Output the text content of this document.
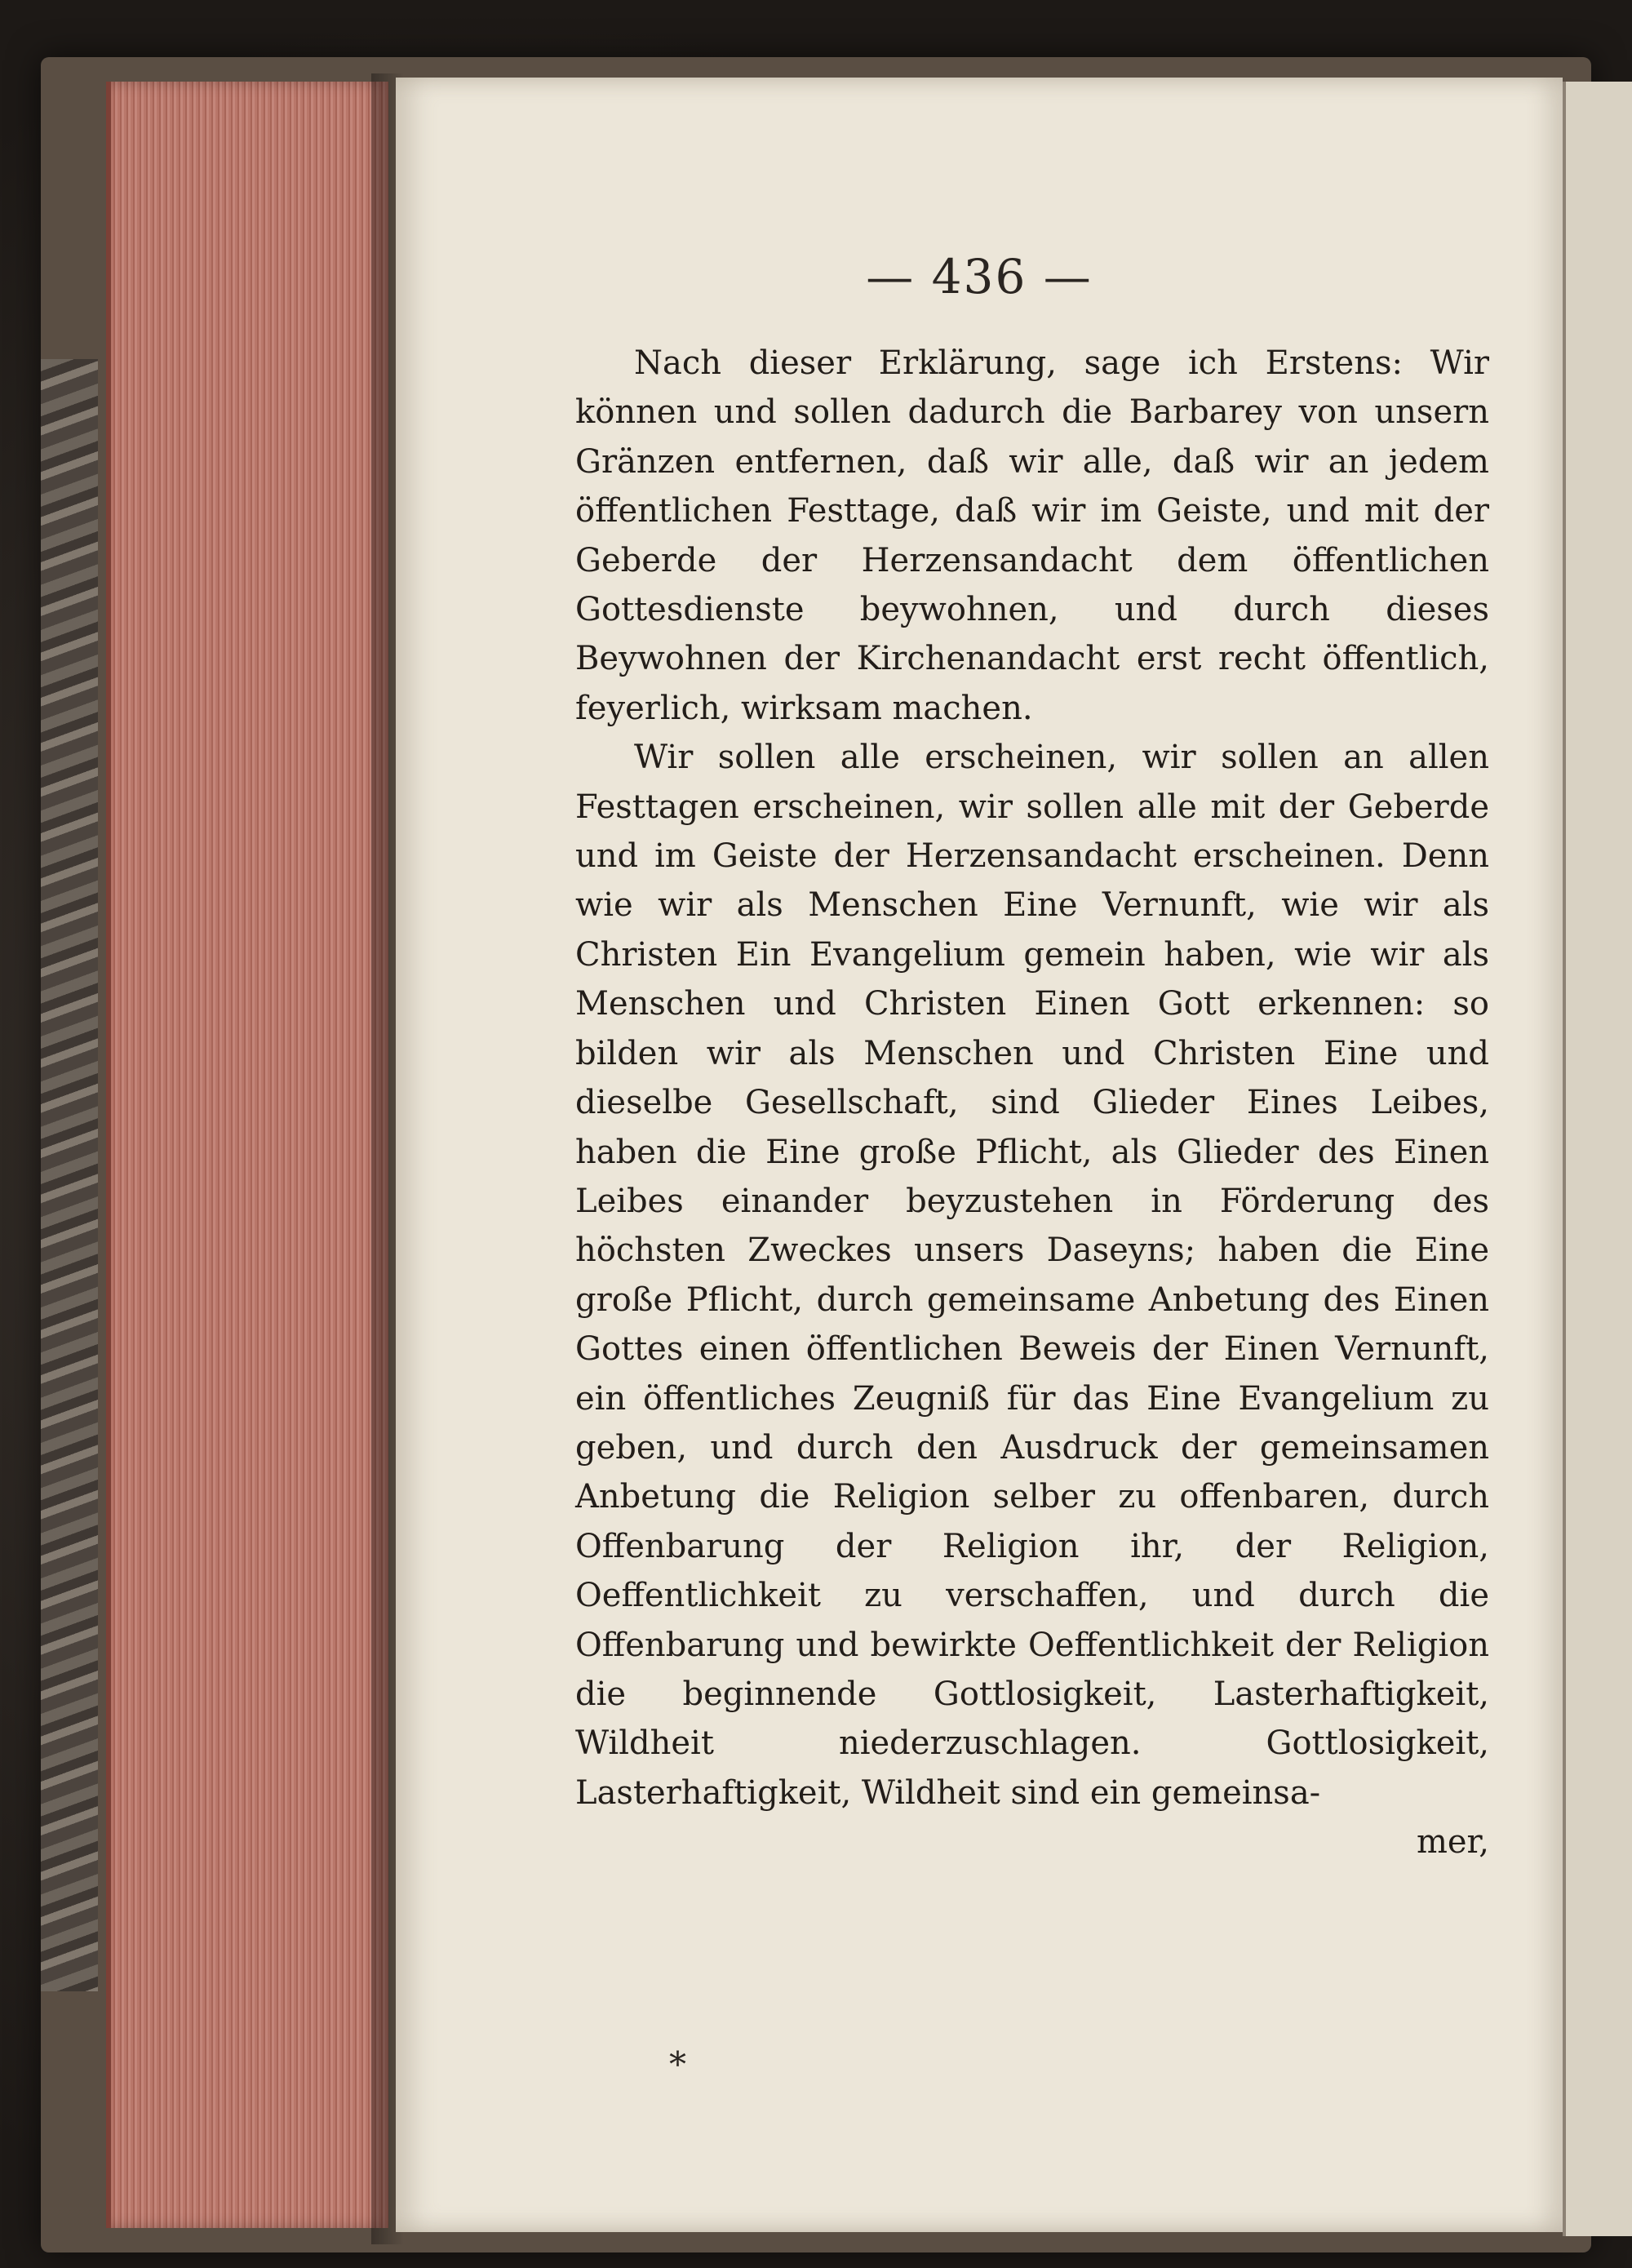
— 436 —

Nach dieser Erklärung, sage ich Erstens: Wir können und sollen dadurch die Barbarey von unsern Gränzen entfernen, daß wir alle, daß wir an jedem öffentlichen Festtage, daß wir im Geiste, und mit der Geberde der Herzensandacht dem öffentlichen Gottesdienste beywohnen, und durch dieses Beywohnen der Kirchenandacht erst recht öffentlich, feyerlich, wirksam machen.

Wir sollen alle erscheinen, wir sollen an allen Festtagen erscheinen, wir sollen alle mit der Geberde und im Geiste der Herzensandacht erscheinen. Denn wie wir als Menschen Eine Vernunft, wie wir als Christen Ein Evangelium gemein haben, wie wir als Menschen und Christen Einen Gott erkennen: so bilden wir als Menschen und Christen Eine und dieselbe Gesellschaft, sind Glieder Eines Leibes, haben die Eine große Pflicht, als Glieder des Einen Leibes einander beyzustehen in Förderung des höchsten Zweckes unsers Daseyns; haben die Eine große Pflicht, durch gemeinsame Anbetung des Einen Gottes einen öffentlichen Beweis der Einen Vernunft, ein öffentliches Zeugniß für das Eine Evangelium zu geben, und durch den Ausdruck der gemeinsamen Anbetung die Religion selber zu offenbaren, durch Offenbarung der Religion ihr, der Religion, Oeffentlichkeit zu verschaffen, und durch die Offenbarung und bewirkte Oeffentlichkeit der Religion die beginnende Gottlosigkeit, Lasterhaftigkeit, Wildheit niederzuschlagen. Gottlosigkeit, Lasterhaftigkeit, Wildheit sind ein gemeinsa-

mer,
*
